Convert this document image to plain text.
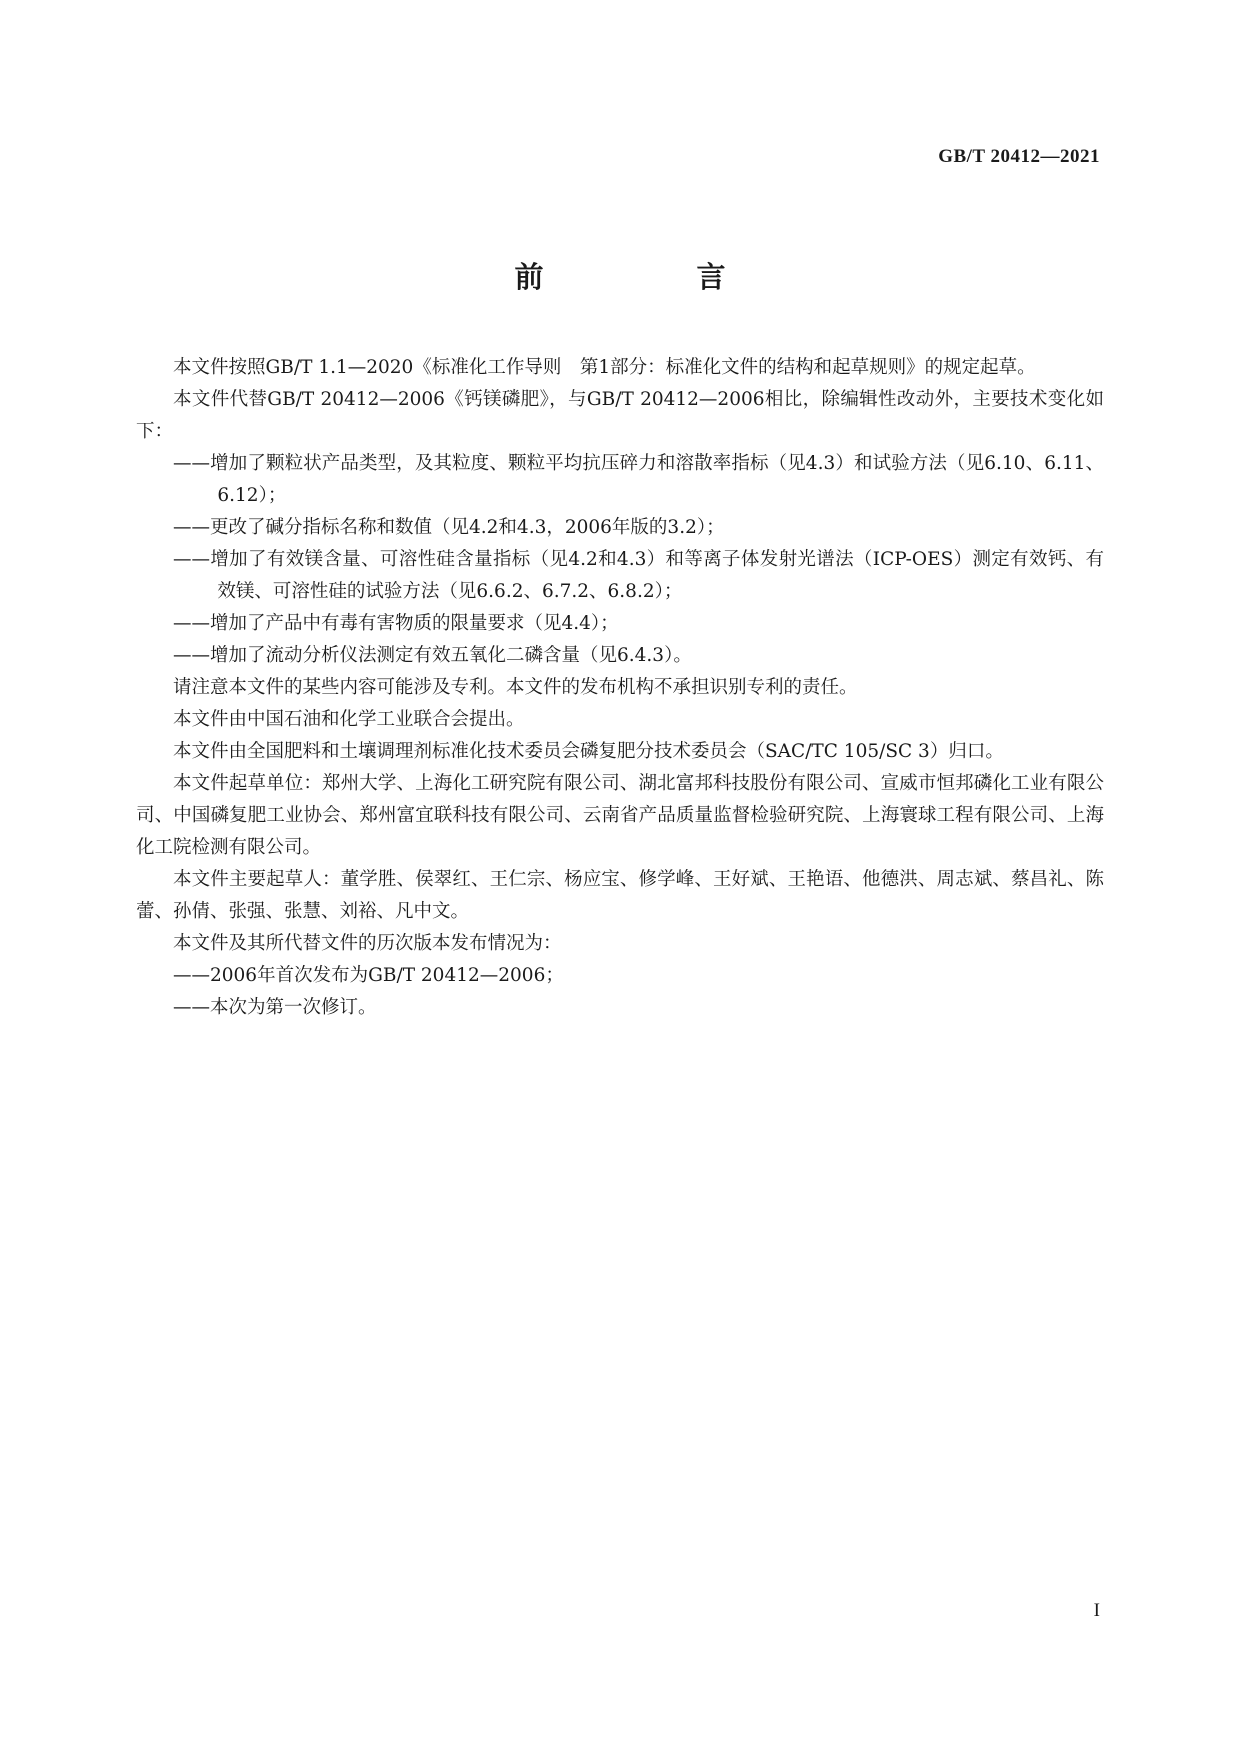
GB/T 20412—2021
前　言

本文件按照GB/T 1.1—2020《标准化工作导则　第1部分：标准化文件的结构和起草规则》的规定起草。

本文件代替GB/T 20412—2006《钙镁磷肥》，与GB/T 20412—2006相比，除编辑性改动外，主要技术变化如下：

——增加了颗粒状产品类型，及其粒度、颗粒平均抗压碎力和溶散率指标（见4.3）和试验方法（见6.10、6.11、6.12）；

——更改了碱分指标名称和数值（见4.2和4.3，2006年版的3.2）；

——增加了有效镁含量、可溶性硅含量指标（见4.2和4.3）和等离子体发射光谱法（ICP-OES）测定有效钙、有效镁、可溶性硅的试验方法（见6.6.2、6.7.2、6.8.2）；

——增加了产品中有毒有害物质的限量要求（见4.4）；

——增加了流动分析仪法测定有效五氧化二磷含量（见6.4.3）。

请注意本文件的某些内容可能涉及专利。本文件的发布机构不承担识别专利的责任。

本文件由中国石油和化学工业联合会提出。

本文件由全国肥料和土壤调理剂标准化技术委员会磷复肥分技术委员会（SAC/TC 105/SC 3）归口。

本文件起草单位：郑州大学、上海化工研究院有限公司、湖北富邦科技股份有限公司、宣威市恒邦磷化工业有限公司、中国磷复肥工业协会、郑州富宜联科技有限公司、云南省产品质量监督检验研究院、上海寰球工程有限公司、上海化工院检测有限公司。

本文件主要起草人：董学胜、侯翠红、王仁宗、杨应宝、修学峰、王好斌、王艳语、他德洪、周志斌、蔡昌礼、陈蕾、孙倩、张强、张慧、刘裕、凡中文。

本文件及其所代替文件的历次版本发布情况为：

——2006年首次发布为GB/T 20412—2006；

——本次为第一次修订。

I
